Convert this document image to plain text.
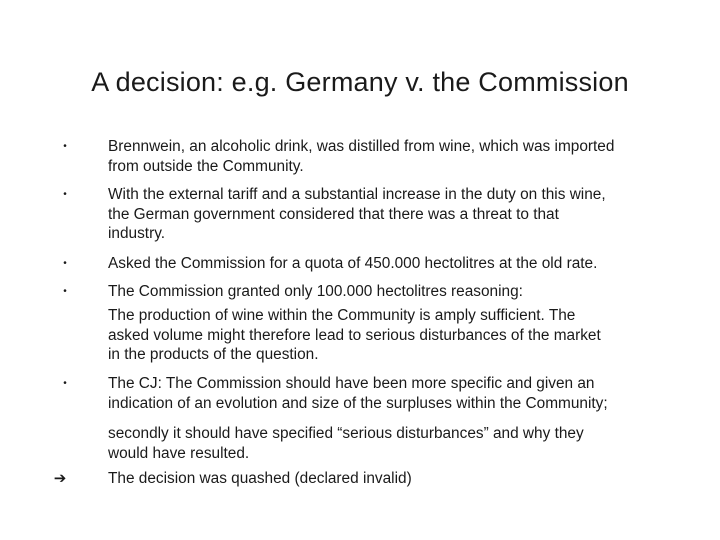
A decision: e.g. Germany v. the Commission
•	Brennwein, an alcoholic drink, was distilled from wine, which was imported
from outside the Community.
•	With the external tariff and a substantial increase in the duty on this wine,
the German government considered that there was a threat to that
industry.
•	Asked the Commission for a quota of 450.000 hectolitres at the old rate.
•	The Commission granted only 100.000 hectolitres reasoning:
The production of wine within the Community is amply sufficient. The
asked volume might therefore lead to serious disturbances of the market
in the products of the question.
•	The CJ: The Commission should have been more specific and given an
indication of an evolution and size of the surpluses within the Community;
secondly it should have specified “serious disturbances” and why they
would have resulted.
➔	The decision was quashed (declared invalid)
